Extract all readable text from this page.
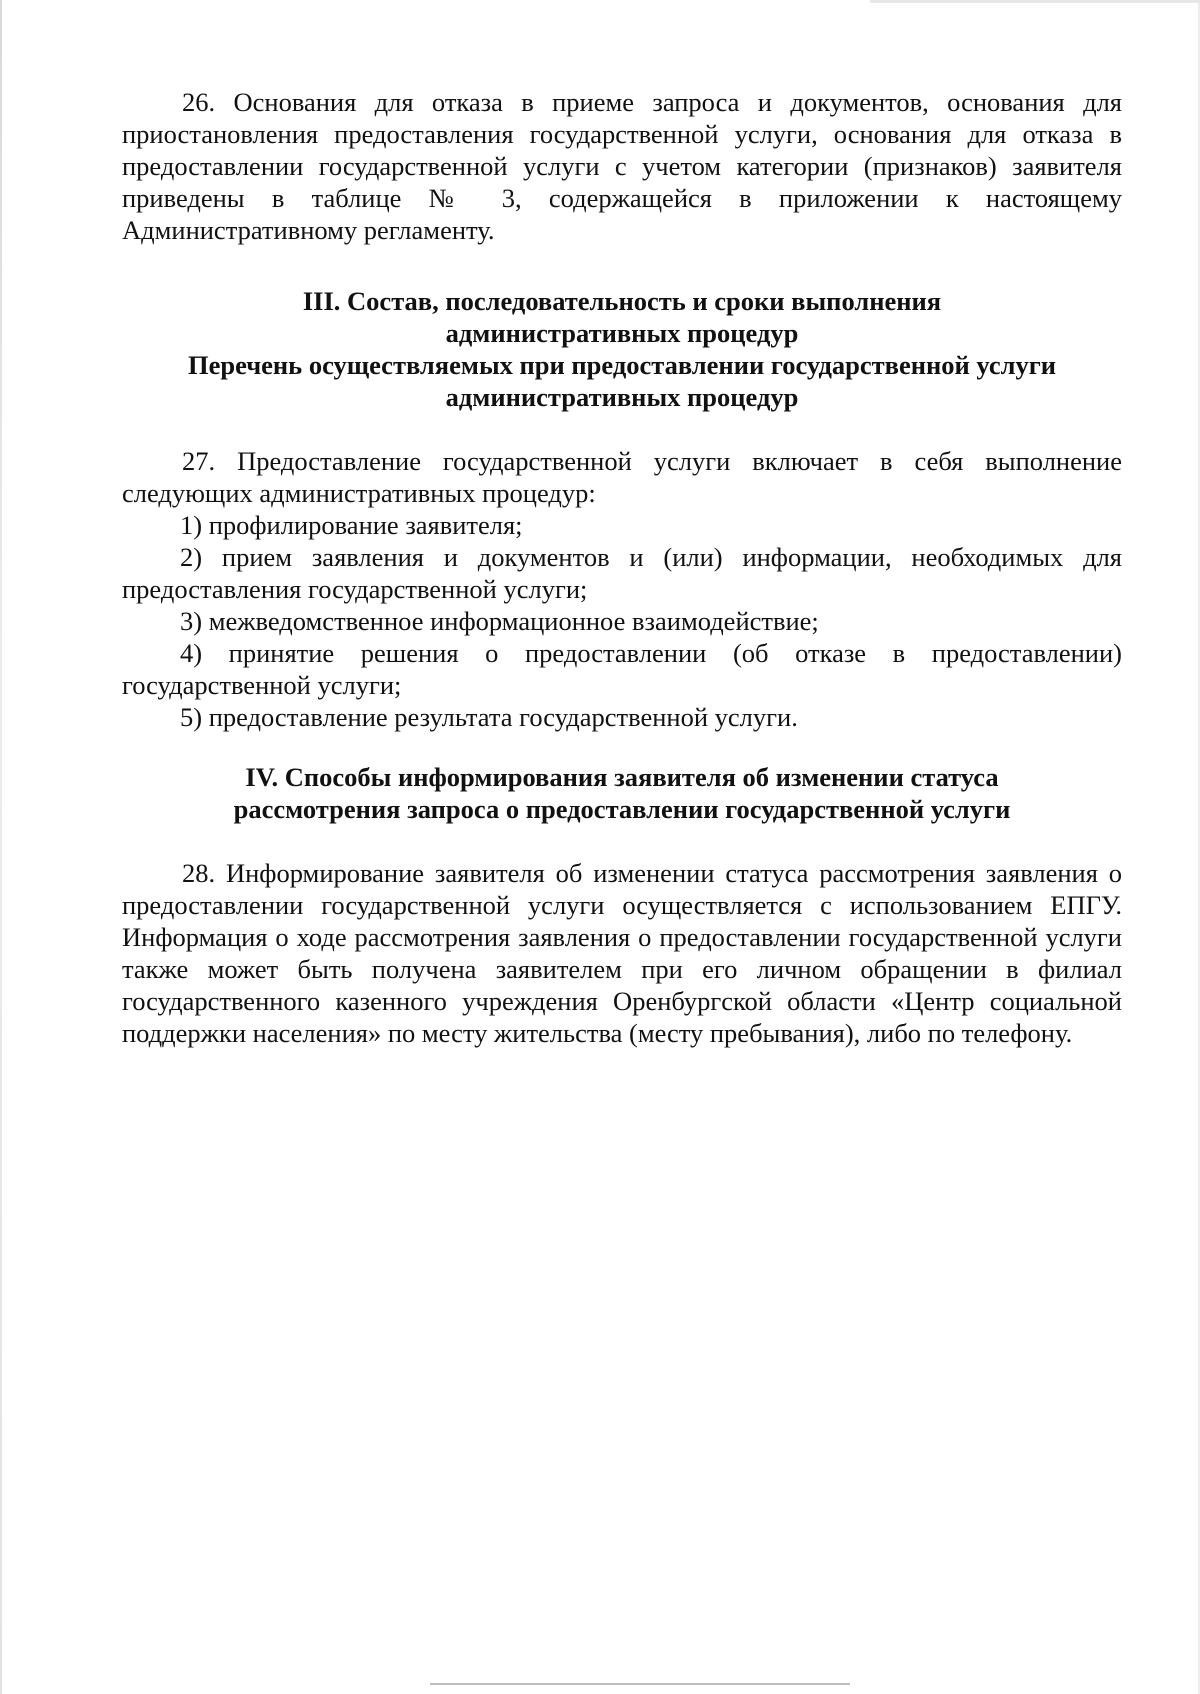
26. Основания для отказа в приеме запроса и документов, основания для приостановления предоставления государственной услуги, основания для отказа в предоставлении государственной услуги с учетом категории (признаков) заявителя приведены в таблице № 3, содержащейся в приложении к настоящему Административному регламенту.

III. Состав, последовательность и сроки выполнения

административных процедур

Перечень осуществляемых при предоставлении государственной услуги

административных процедур

27. Предоставление государственной услуги включает в себя выполнение следующих административных процедур:

1) профилирование заявителя;

2) прием заявления и документов и (или) информации, необходимых для предоставления государственной услуги;

3) межведомственное информационное взаимодействие;

4) принятие решения о предоставлении (об отказе в предоставлении) государственной услуги;

5) предоставление результата государственной услуги.

IV. Способы информирования заявителя об изменении статуса

рассмотрения запроса о предоставлении государственной услуги

28. Информирование заявителя об изменении статуса рассмотрения заявления о предоставлении государственной услуги осуществляется с использованием ЕПГУ. Информация о ходе рассмотрения заявления о предоставлении государственной услуги также может быть получена заявителем при его личном обращении в филиал государственного казенного учреждения Оренбургской области «Центр социальной поддержки населения» по месту жительства (месту пребывания), либо по телефону.
